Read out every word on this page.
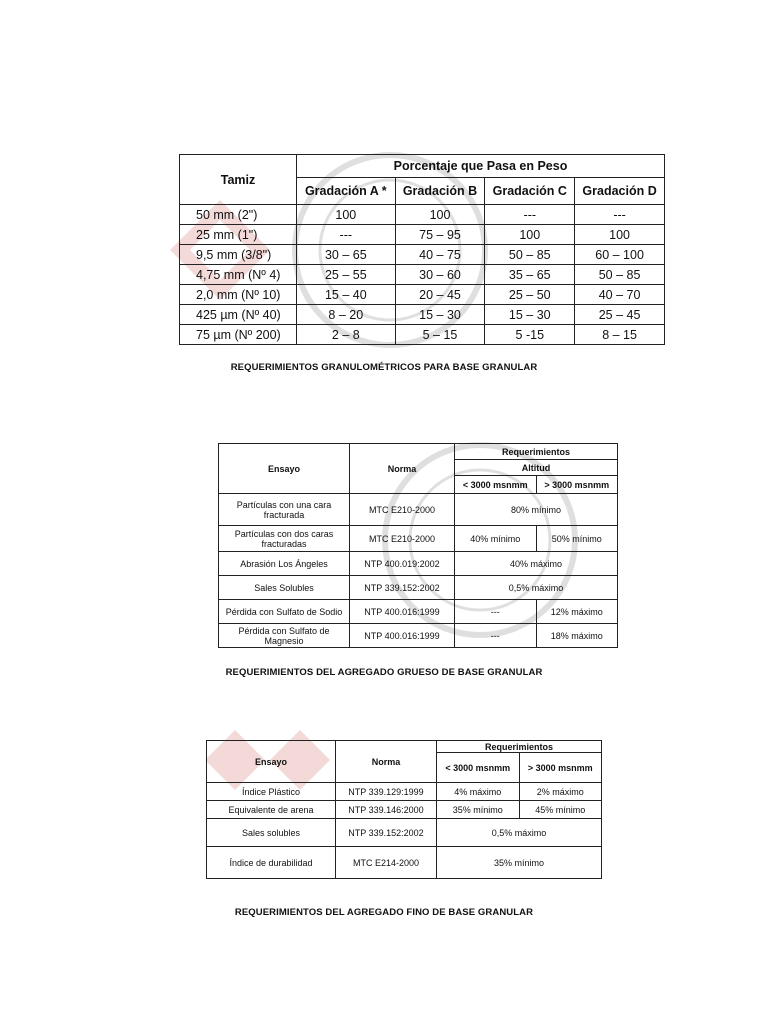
Tamiz	Porcentaje que Pasa en Peso			
	Gradación A *	Gradación B	Gradación C	Gradación D
50 mm (2")	100	100	---	---
25 mm (1")	---	75 – 95	100	100
9,5 mm (3/8")	30 – 65	40 – 75	50 – 85	60 – 100
4,75 mm (Nº 4)	25 – 55	30 – 60	35 – 65	50 – 85
2,0 mm (Nº 10)	15 – 40	20 – 45	25 – 50	40 – 70
425 µm (Nº 40)	8 – 20	15 – 30	15 – 30	25 – 45
75 µm (Nº 200)	2 – 8	5 – 15	5 -15	8 – 15
REQUERIMIENTOS GRANULOMÉTRICOS PARA BASE GRANULAR
Ensayo	Norma	Requerimientos	
		Altitud	
		< 3000 msnmm	> 3000 msnmm
Partículas con una cara fracturada	MTC E210-2000	80% mínimo	
Partículas con dos caras fracturadas	MTC E210-2000	40% mínimo	50% mínimo
Abrasión Los Ángeles	NTP 400.019:2002	40% máximo	
Sales Solubles	NTP 339.152:2002	0,5% máximo	
Pérdida con Sulfato de Sodio	NTP 400.016:1999	---	12% máximo
Pérdida con Sulfato de Magnesio	NTP 400.016:1999	---	18% máximo
REQUERIMIENTOS DEL AGREGADO GRUESO DE BASE GRANULAR
Ensayo	Norma	Requerimientos	
		< 3000 msnmm	> 3000 msnmm
Índice Plástico	NTP 339.129:1999	4% máximo	2% máximo
Equivalente de arena	NTP 339.146:2000	35% mínimo	45% mínimo
Sales solubles	NTP 339.152:2002	0,5% máximo	
Índice de durabilidad	MTC E214-2000	35% mínimo	
REQUERIMIENTOS DEL AGREGADO FINO DE BASE GRANULAR
